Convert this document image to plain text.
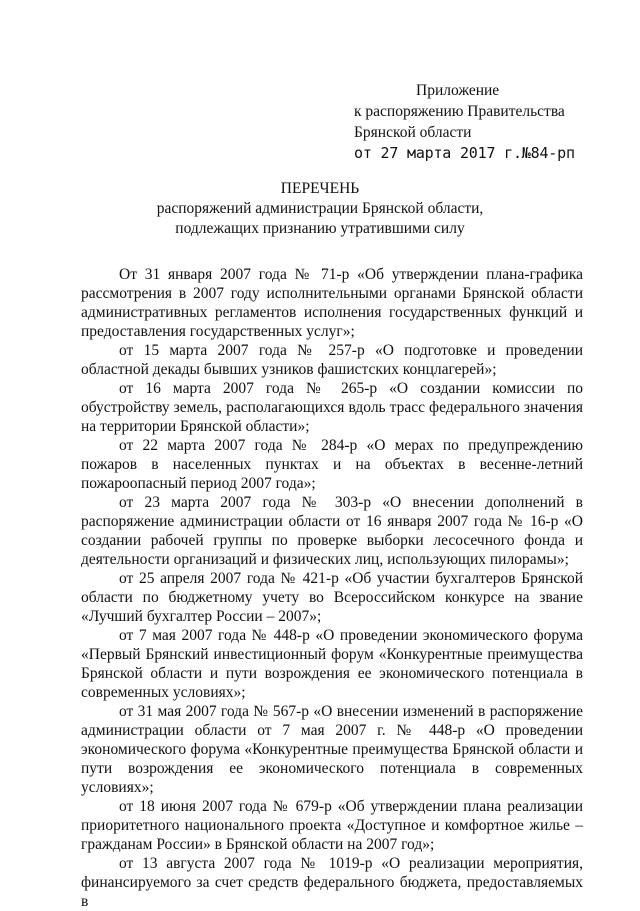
Приложение
к распоряжению Правительства
Брянской области
от 27 марта 2017 г.№84-рп
ПЕРЕЧЕНЬ
распоряжений администрации Брянской области, подлежащих признанию утратившими силу

От 31 января 2007 года № 71-р «Об утверждении плана-графика рассмотрения в 2007 году исполнительными органами Брянской области административных регламентов исполнения государственных функций и предоставления государственных услуг»;

от 15 марта 2007 года № 257-р «О подготовке и проведении областной декады бывших узников фашистских концлагерей»;

от 16 марта 2007 года № 265-р «О создании комиссии по обустройству земель, располагающихся вдоль трасс федерального значения на территории Брянской области»;

от 22 марта 2007 года № 284-р «О мерах по предупреждению пожаров в населенных пунктах и на объектах в весенне-летний пожароопасный период 2007 года»;

от 23 марта 2007 года № 303-р «О внесении дополнений в распоряжение администрации области от 16 января 2007 года № 16-р «О создании рабочей группы по проверке выборки лесосечного фонда и деятельности организаций и физических лиц, использующих пилорамы»;

от 25 апреля 2007 года № 421-р «Об участии бухгалтеров Брянской области по бюджетному учету во Всероссийском конкурсе на звание «Лучший бухгалтер России – 2007»;

от 7 мая 2007 года № 448-р «О проведении экономического форума «Первый Брянский инвестиционный форум «Конкурентные преимущества Брянской области и пути возрождения ее экономического потенциала в современных условиях»;

от 31 мая 2007 года № 567-р «О внесении изменений в распоряжение администрации области от 7 мая 2007 г. № 448-р «О проведении экономического форума «Конкурентные преимущества Брянской области и пути возрождения ее экономического потенциала в современных условиях»;

от 18 июня 2007 года № 679-р «Об утверждении плана реализации приоритетного национального проекта «Доступное и комфортное жилье – гражданам России» в Брянской области на 2007 год»;

от 13 августа 2007 года № 1019-р «О реализации мероприятия, финансируемого за счет средств федерального бюджета, предоставляемых в
